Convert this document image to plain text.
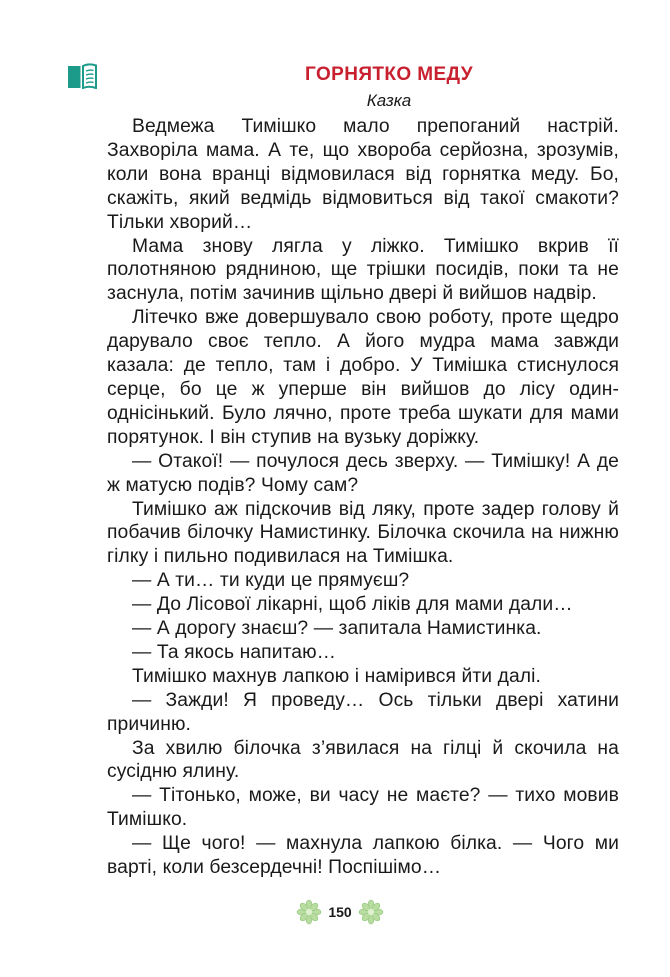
ГОРНЯТКО МЕДУ
Казка

Ведмежа Тимішко мало препоганий настрій. Захворіла мама. А те, що хвороба серйозна, зрозумів, коли вона вранці відмовилася від горнятка меду. Бо, скажіть, який ведмідь відмовиться від такої смакоти? Тільки хворий…

Мама знову лягла у ліжко. Тимішко вкрив її полотняною рядниною, ще трішки посидів, поки та не заснула, потім зачинив щільно двері й вийшов надвір.

Літечко вже довершувало свою роботу, проте щедро дарувало своє тепло. А його мудра мама завжди казала: де тепло, там і добро. У Тимішка стиснулося серце, бо це ж уперше він вийшов до лісу один-однісінький. Було лячно, проте треба шукати для мами порятунок. І він ступив на вузьку доріжку.

— Отакої! — почулося десь зверху. — Тимішку! А де ж матусю подів? Чому сам?

Тимішко аж підскочив від ляку, проте задер голову й побачив білочку Намистинку. Білочка скочила на нижню гілку і пильно подивилася на Тимішка.

— А ти… ти куди це прямуєш?

— До Лісової лікарні, щоб ліків для мами дали…

— А дорогу знаєш? — запитала Намистинка.

— Та якось напитаю…

Тимішко махнув лапкою і намірився йти далі.

— Зажди! Я проведу… Ось тільки двері хатини причиню.

За хвилю білочка з’явилася на гілці й скочила на сусідню ялину.

— Тітонько, може, ви часу не маєте? — тихо мовив Тимішко.

— Ще чого! — махнула лапкою білка. — Чого ми варті, коли безсердечні! Поспішімо…

150
